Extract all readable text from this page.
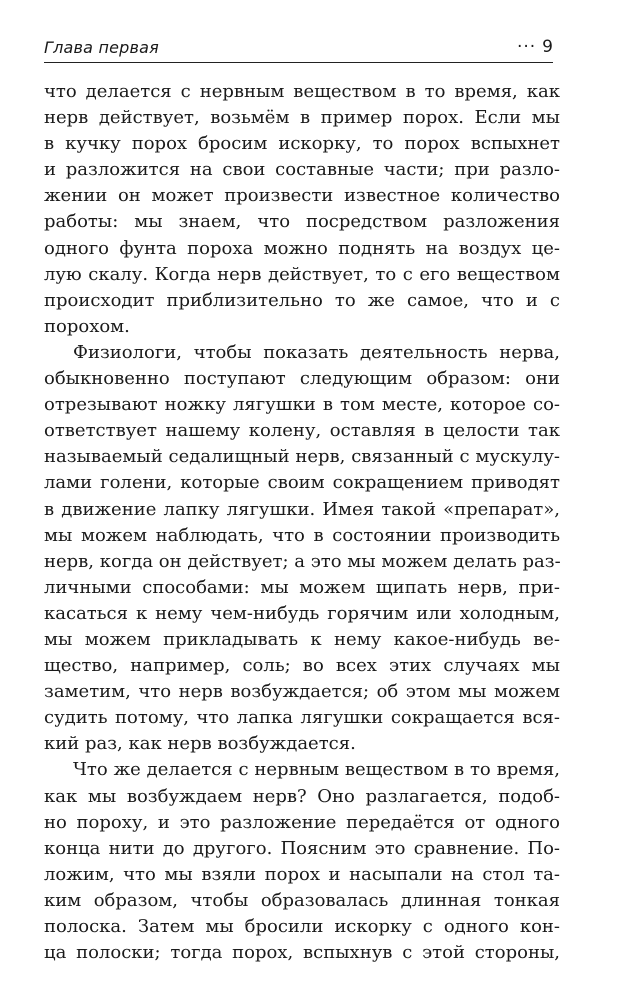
Глава первая	··· 9
что делается с нервным веществом в то время, как
нерв действует, возьмём в пример порох. Если мы
в кучку порох бросим искорку, то порох вспыхнет
и разложится на свои составные части; при разло-
жении он может произвести известное количество
работы: мы знаем, что посредством разложения
одного фунта пороха можно поднять на воздух це-
лую скалу. Когда нерв действует, то с его веществом
происходит приблизительно то же самое, что и с
порохом.
Физиологи, чтобы показать деятельность нерва,
обыкновенно поступают следующим образом: они
отрезывают ножку лягушки в том месте, которое со-
ответствует нашему колену, оставляя в целости так
называемый седалищный нерв, связанный с мускулу-
лами голени, которые своим сокращением приводят
в движение лапку лягушки. Имея такой «препарат»,
мы можем наблюдать, что в состоянии производить
нерв, когда он действует; а это мы можем делать раз-
личными способами: мы можем щипать нерв, при-
касаться к нему чем-нибудь горячим или холодным,
мы можем прикладывать к нему какое-нибудь ве-
щество, например, соль; во всех этих случаях мы
заметим, что нерв возбуждается; об этом мы можем
судить потому, что лапка лягушки сокращается вся-
кий раз, как нерв возбуждается.
Что же делается с нервным веществом в то время,
как мы возбуждаем нерв? Оно разлагается, подоб-
но пороху, и это разложение передаётся от одного
конца нити до другого. Поясним это сравнение. По-
ложим, что мы взяли порох и насыпали на стол та-
ким образом, чтобы образовалась длинная тонкая
полоска. Затем мы бросили искорку с одного кон-
ца полоски; тогда порох, вспыхнув с этой стороны,
